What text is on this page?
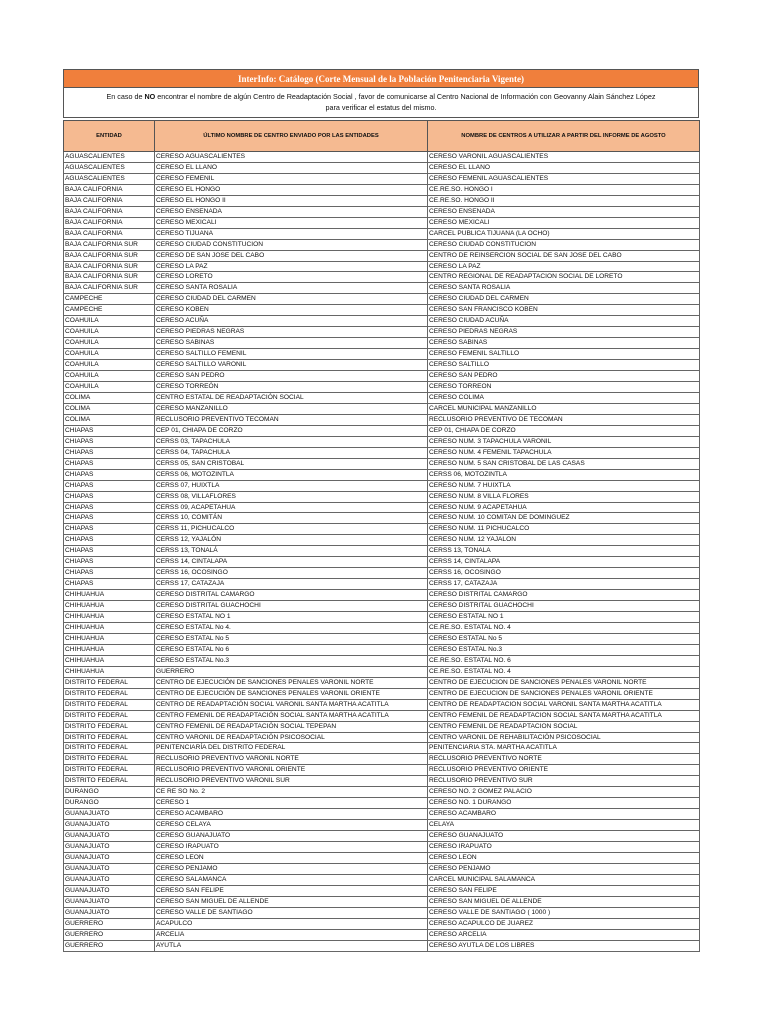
InterInfo: Catálogo (Corte Mensual de la Población Penitenciaria Vigente)
En caso de NO encontrar el nombre de algún Centro de Readaptación Social , favor de comunicarse al Centro Nacional de Información con Geovanny Alain Sánchez López
para verificar el estatus del mismo.
ENTIDAD	ÚLTIMO NOMBRE DE CENTRO ENVIADO POR LAS ENTIDADES	NOMBRE DE CENTROS A UTILIZAR A PARTIR DEL INFORME DE AGOSTO
AGUASCALIENTES	CERESO AGUASCALIENTES	CERESO VARONIL AGUASCALIENTES
AGUASCALIENTES	CERESO EL LLANO	CERESO EL LLANO
AGUASCALIENTES	CERESO FEMENIL	CERESO FEMENIL AGUASCALIENTES
BAJA CALIFORNIA	CERESO EL HONGO	CE.RE.SO. HONGO I
BAJA CALIFORNIA	CERESO EL HONGO II	CE.RE.SO. HONGO II
BAJA CALIFORNIA	CERESO ENSENADA	CERESO ENSENADA
BAJA CALIFORNIA	CERESO MEXICALI	CERESO MEXICALI
BAJA CALIFORNIA	CERESO TIJUANA	CARCEL PUBLICA TIJUANA (LA OCHO)
BAJA CALIFORNIA SUR	CERESO CIUDAD CONSTITUCION	CERESO CIUDAD CONSTITUCION
BAJA CALIFORNIA SUR	CERESO DE SAN JOSE DEL CABO	CENTRO DE REINSERCION SOCIAL DE SAN JOSE DEL CABO
BAJA CALIFORNIA SUR	CERESO LA PAZ	CERESO LA PAZ
BAJA CALIFORNIA SUR	CERESO LORETO	CENTRO REGIONAL DE READAPTACION SOCIAL DE LORETO
BAJA CALIFORNIA SUR	CERESO SANTA ROSALIA	CERESO SANTA ROSALIA
CAMPECHE	CERESO CIUDAD DEL CARMEN	CERESO CIUDAD DEL CARMEN
CAMPECHE	CERESO KOBEN	CERESO SAN FRANCISCO KOBEN
COAHUILA	CERESO ACUÑA	CERESO CIUDAD ACUÑA
COAHUILA	CERESO PIEDRAS NEGRAS	CERESO PIEDRAS NEGRAS
COAHUILA	CERESO SABINAS	CERESO SABINAS
COAHUILA	CERESO SALTILLO FEMENIL	CERESO FEMENIL SALTILLO
COAHUILA	CERESO SALTILLO VARONIL	CERESO SALTILLO
COAHUILA	CERESO SAN PEDRO	CERESO SAN PEDRO
COAHUILA	CERESO TORREÓN	CERESO TORREON
COLIMA	CENTRO ESTATAL DE READAPTACIÓN SOCIAL	CERESO COLIMA
COLIMA	CERESO MANZANILLO	CARCEL MUNICIPAL MANZANILLO
COLIMA	RECLUSORIO PREVENTIVO TECOMAN	RECLUSORIO PREVENTIVO DE TECOMAN
CHIAPAS	CEP 01, CHIAPA DE CORZO	CEP 01, CHIAPA DE CORZO
CHIAPAS	CERSS 03, TAPACHULA	CERESO NUM. 3 TAPACHULA VARONIL
CHIAPAS	CERSS 04, TAPACHULA	CERESO NUM. 4 FEMENIL TAPACHULA
CHIAPAS	CERSS 05, SAN CRISTOBAL	CERESO NUM. 5 SAN CRISTOBAL DE LAS CASAS
CHIAPAS	CERSS 06, MOTOZINTLA	CERSS 06, MOTOZINTLA
CHIAPAS	CERSS 07, HUIXTLA	CERESO NUM. 7 HUIXTLA
CHIAPAS	CERSS 08, VILLAFLORES	CERESO NUM. 8 VILLA FLORES
CHIAPAS	CERSS 09, ACAPETAHUA	CERESO NUM. 9 ACAPETAHUA
CHIAPAS	CERSS 10, COMITÁN	CERESO NUM. 10 COMITAN DE DOMINGUEZ
CHIAPAS	CERSS 11, PICHUCALCO	CERESO NUM. 11 PICHUCALCO
CHIAPAS	CERSS 12, YAJALÓN	CERESO NUM. 12 YAJALON
CHIAPAS	CERSS 13, TONALÁ	CERSS 13, TONALA
CHIAPAS	CERSS 14, CINTALAPA	CERSS 14, CINTALAPA
CHIAPAS	CERSS 16, OCOSINGO	CERSS 16, OCOSINGO
CHIAPAS	CERSS 17, CATAZAJA	CERSS 17, CATAZAJA
CHIHUAHUA	CERESO DISTRITAL CAMARGO	CERESO DISTRITAL CAMARGO
CHIHUAHUA	CERESO DISTRITAL GUACHOCHI	CERESO DISTRITAL GUACHOCHI
CHIHUAHUA	CERESO ESTATAL NO 1	CERESO ESTATAL NO 1
CHIHUAHUA	CERESO ESTATAL No 4.	CE.RE.SO. ESTATAL NO. 4
CHIHUAHUA	CERESO ESTATAL No 5	CERESO ESTATAL No 5
CHIHUAHUA	CERESO ESTATAL No 6	CERESO ESTATAL No.3
CHIHUAHUA	CERESO ESTATAL No.3	CE.RE.SO. ESTATAL NO. 6
CHIHUAHUA	GUERRERO	CE.RE.SO. ESTATAL NO. 4
DISTRITO FEDERAL	CENTRO DE EJECUCIÓN DE SANCIONES PENALES VARONIL NORTE	CENTRO DE EJECUCION DE SANCIONES PENALES VARONIL NORTE
DISTRITO FEDERAL	CENTRO DE EJECUCIÓN DE SANCIONES PENALES VARONIL ORIENTE	CENTRO DE EJECUCION DE SANCIONES PENALES VARONIL ORIENTE
DISTRITO FEDERAL	CENTRO DE READAPTACIÓN SOCIAL VARONIL SANTA MARTHA ACATITLA	CENTRO DE READAPTACION SOCIAL VARONIL SANTA MARTHA ACATITLA
DISTRITO FEDERAL	CENTRO FEMENIL DE READAPTACIÓN SOCIAL SANTA MARTHA ACATITLA	CENTRO FEMENIL DE READAPTACION SOCIAL SANTA MARTHA ACATITLA
DISTRITO FEDERAL	CENTRO FEMENIL DE READAPTACIÓN SOCIAL TEPEPAN	CENTRO FEMENIL DE READAPTACION SOCIAL
DISTRITO FEDERAL	CENTRO VARONIL DE READAPTACIÓN PSICOSOCIAL	CENTRO VARONIL DE REHABILITACIÓN PSICOSOCIAL
DISTRITO FEDERAL	PENITENCIARÍA DEL DISTRITO FEDERAL	PENITENCIARIA STA. MARTHA ACATITLA
DISTRITO FEDERAL	RECLUSORIO PREVENTIVO VARONIL NORTE	RECLUSORIO PREVENTIVO NORTE
DISTRITO FEDERAL	RECLUSORIO PREVENTIVO VARONIL ORIENTE	RECLUSORIO PREVENTIVO ORIENTE
DISTRITO FEDERAL	RECLUSORIO PREVENTIVO VARONIL SUR	RECLUSORIO PREVENTIVO SUR
DURANGO	CE RE SO No. 2	CERESO NO. 2 GOMEZ PALACIO
DURANGO	CERESO 1	CERESO NO. 1 DURANGO
GUANAJUATO	CERESO ACAMBARO	CERESO ACAMBARO
GUANAJUATO	CERESO CELAYA	CELAYA
GUANAJUATO	CERESO GUANAJUATO	CERESO GUANAJUATO
GUANAJUATO	CERESO IRAPUATO	CERESO IRAPUATO
GUANAJUATO	CERESO LEON	CERESO LEON
GUANAJUATO	CERESO PENJAMO	CERESO PENJAMO
GUANAJUATO	CERESO SALAMANCA	CARCEL MUNICIPAL SALAMANCA
GUANAJUATO	CERESO SAN FELIPE	CERESO SAN FELIPE
GUANAJUATO	CERESO SAN MIGUEL DE ALLENDE	CERESO SAN MIGUEL DE ALLENDE
GUANAJUATO	CERESO VALLE DE SANTIAGO	CERESO VALLE DE SANTIAGO ( 1000 )
GUERRERO	ACAPULCO	CERESO ACAPULCO DE JUAREZ
GUERRERO	ARCELIA	CERESO ARCELIA
GUERRERO	AYUTLA	CERESO AYUTLA DE LOS LIBRES
